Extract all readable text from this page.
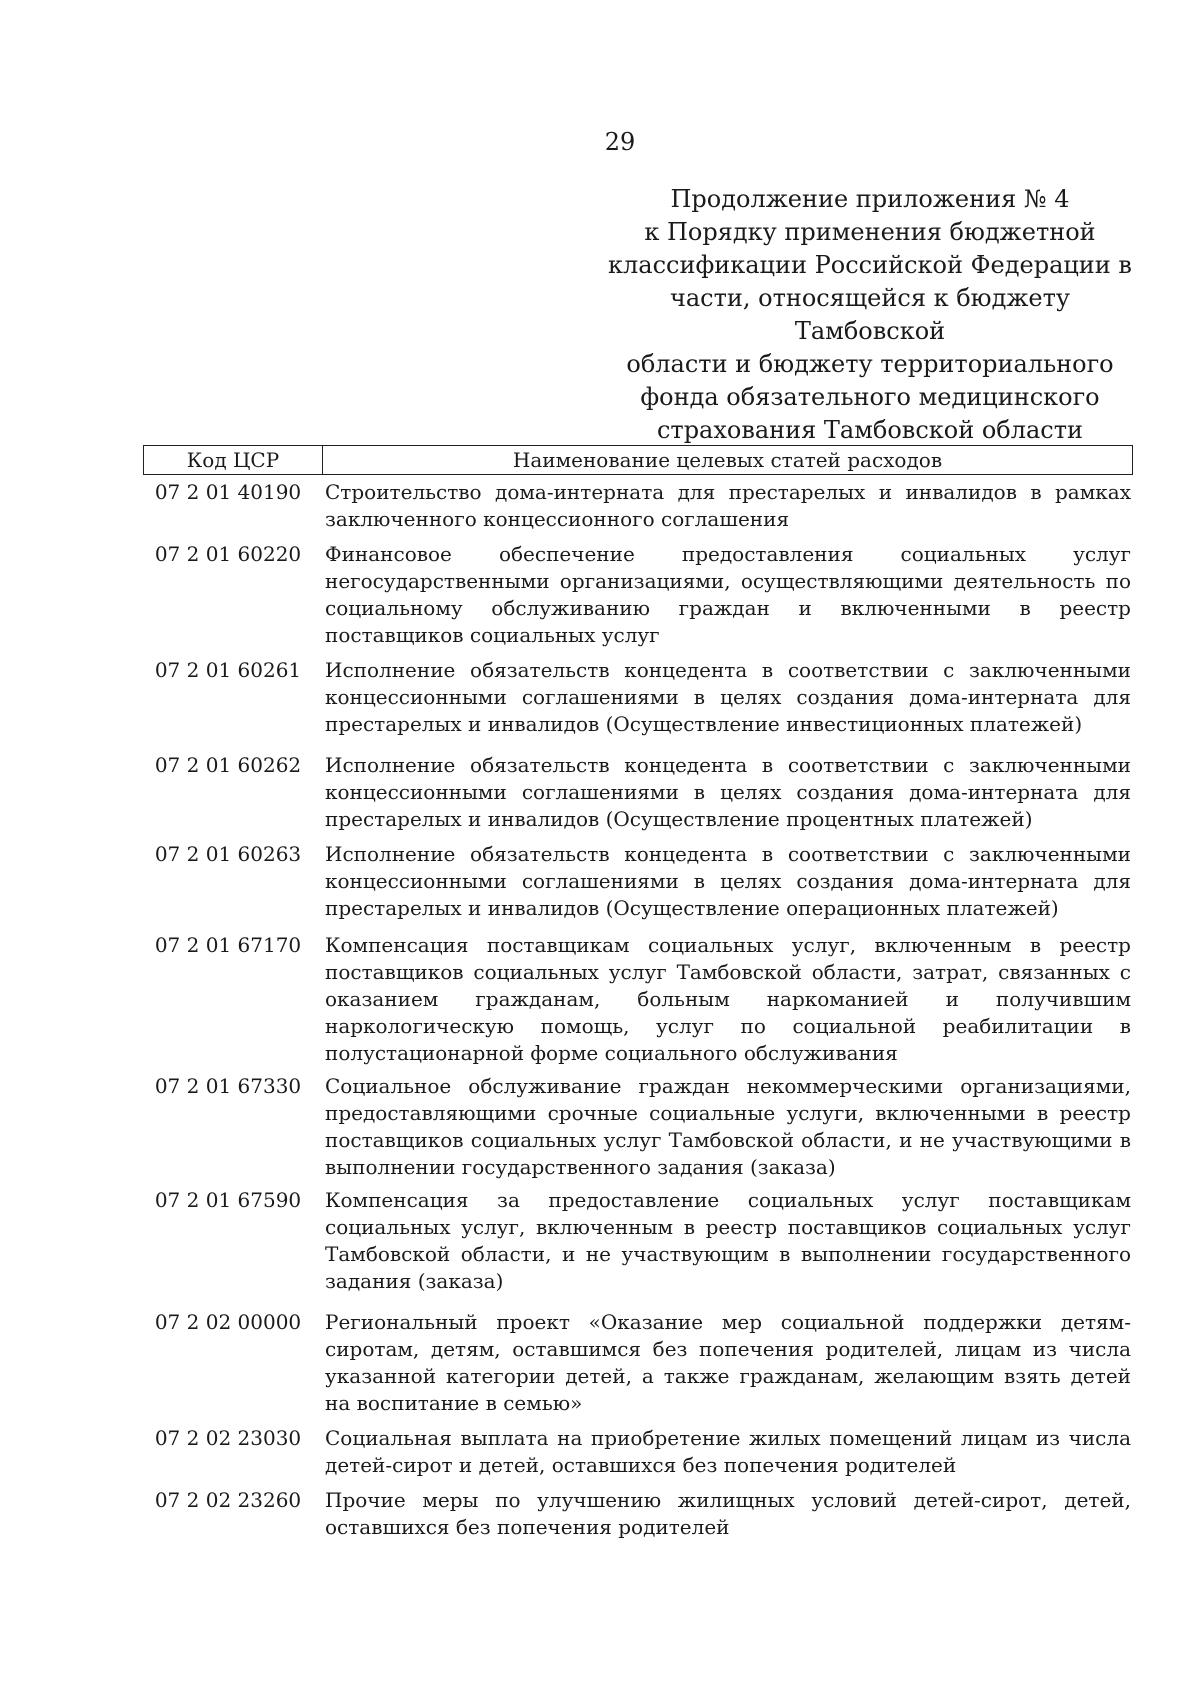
29

Продолжение приложения № 4
к Порядку применения бюджетной
классификации Российской Федерации в
части, относящейся к бюджету Тамбовской
области и бюджету территориального
фонда обязательного медицинского
страхования Тамбовской области

Код ЦСР	Наименование целевых статей расходов
07 2 01 40190	Строительство дома-интерната для престарелых и инвалидов в рамках заключенного концессионного соглашения
07 2 01 60220	Финансовое обеспечение предоставления социальных услуг негосударственными организациями, осуществляющими деятельность по социальному обслуживанию граждан и включенными в реестр поставщиков социальных услуг
07 2 01 60261	Исполнение обязательств концедента в соответствии с заключенными концессионными соглашениями в целях создания дома-интерната для престарелых и инвалидов (Осуществление инвестиционных платежей)
07 2 01 60262	Исполнение обязательств концедента в соответствии с заключенными концессионными соглашениями в целях создания дома-интерната для престарелых и инвалидов (Осуществление процентных платежей)
07 2 01 60263	Исполнение обязательств концедента в соответствии с заключенными концессионными соглашениями в целях создания дома-интерната для престарелых и инвалидов (Осуществление операционных платежей)
07 2 01 67170	Компенсация поставщикам социальных услуг, включенным в реестр поставщиков социальных услуг Тамбовской области, затрат, связанных с оказанием гражданам, больным наркоманией и получившим наркологическую помощь, услуг по социальной реабилитации в полустационарной форме социального обслуживания
07 2 01 67330	Социальное обслуживание граждан некоммерческими организациями, предоставляющими срочные социальные услуги, включенными в реестр поставщиков социальных услуг Тамбовской области, и не участвующими в выполнении государственного задания (заказа)
07 2 01 67590	Компенсация за предоставление социальных услуг поставщикам социальных услуг, включенным в реестр поставщиков социальных услуг Тамбовской области, и не участвующим в выполнении государственного задания (заказа)
07 2 02 00000	Региональный проект «Оказание мер социальной поддержки детям-сиротам, детям, оставшимся без попечения родителей, лицам из числа указанной категории детей, а также гражданам, желающим взять детей на воспитание в семью»
07 2 02 23030	Социальная выплата на приобретение жилых помещений лицам из числа детей-сирот и детей, оставшихся без попечения родителей
07 2 02 23260	Прочие меры по улучшению жилищных условий детей-сирот, детей, оставшихся без попечения родителей
